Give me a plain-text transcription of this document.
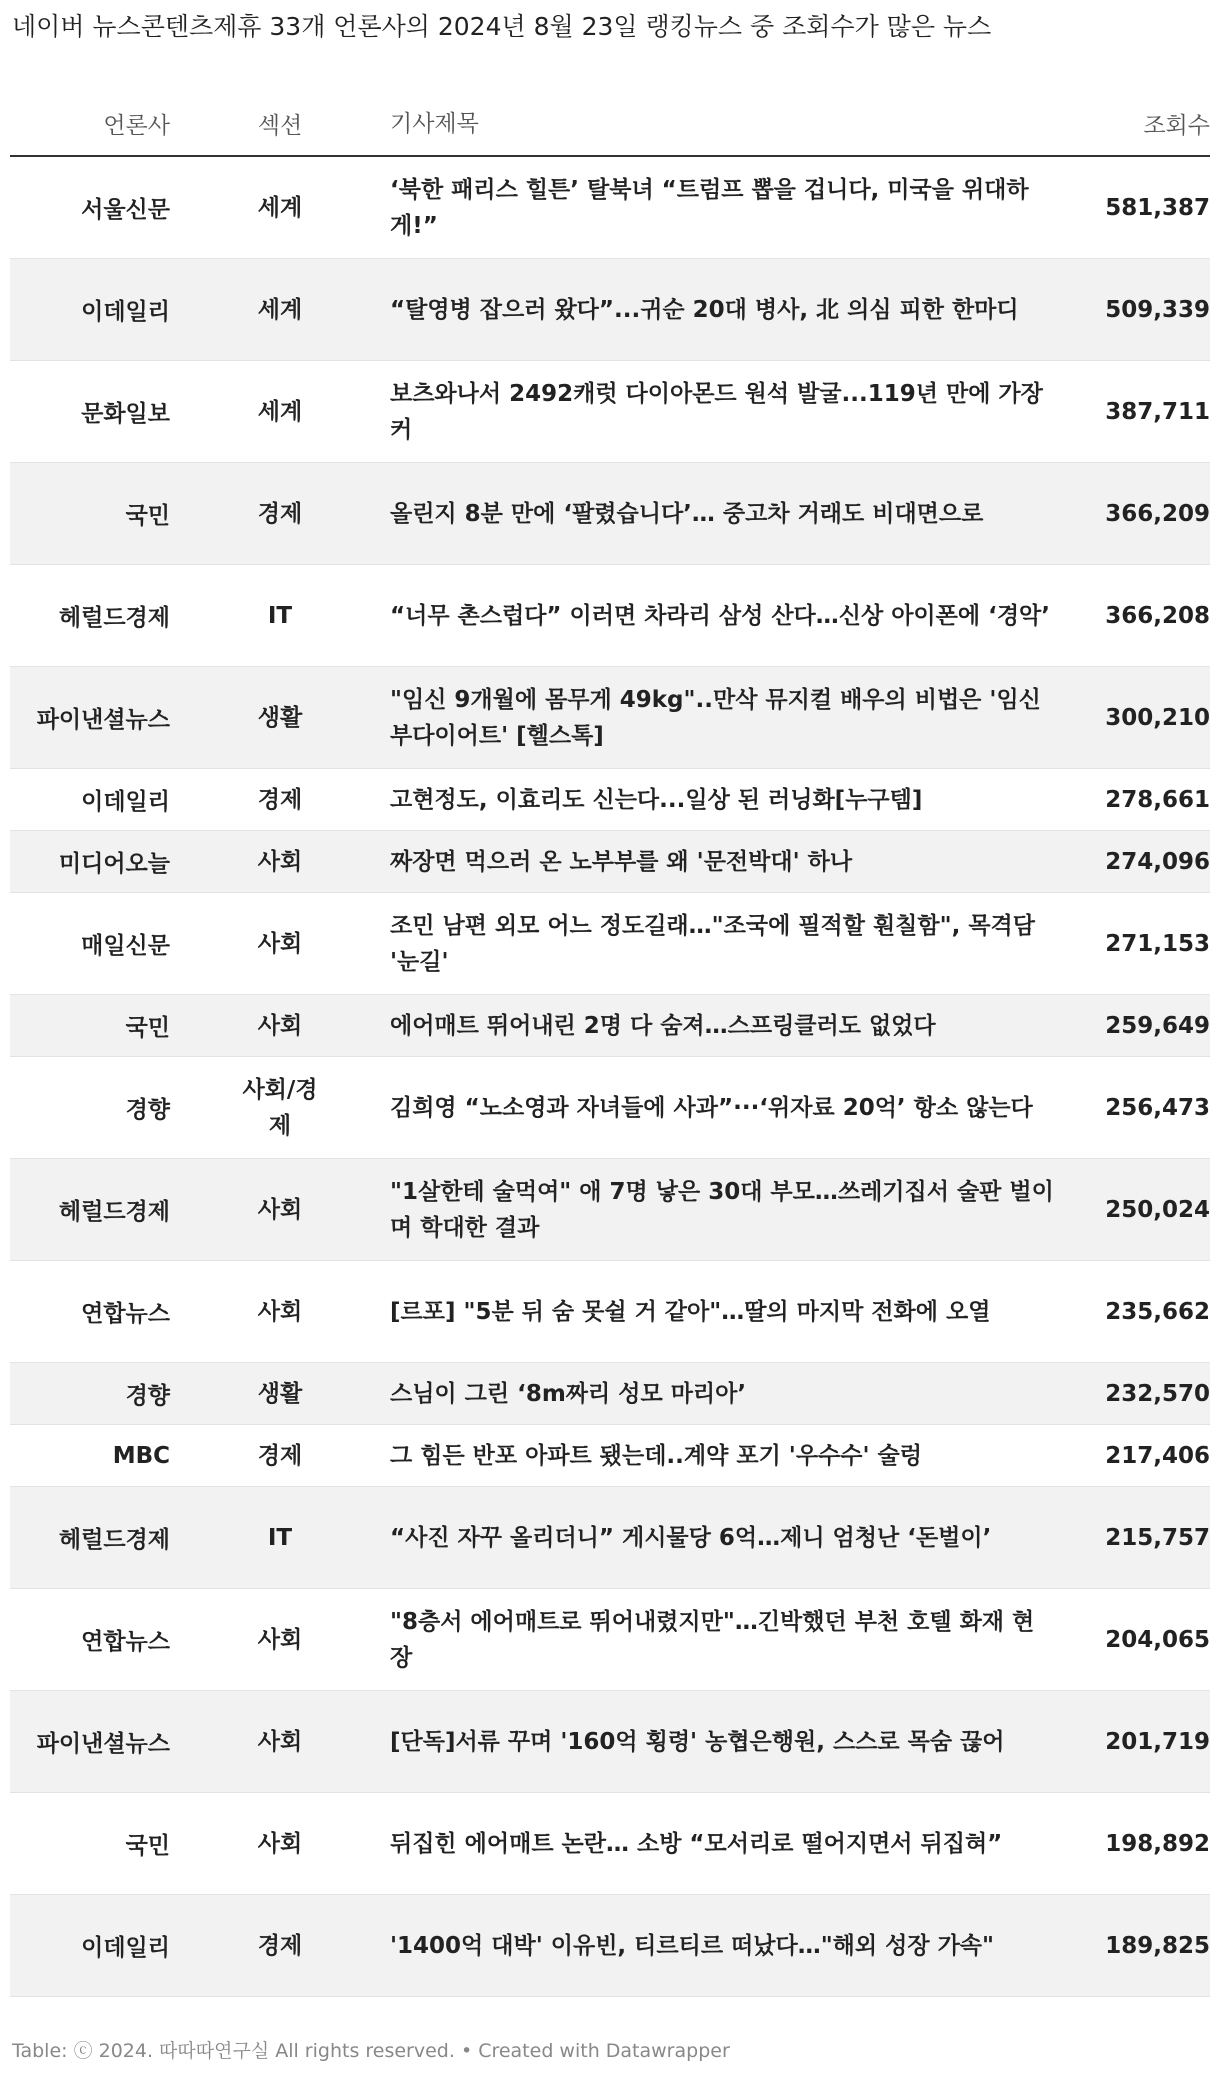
네이버 뉴스콘텐츠제휴 33개 언론사의 2024년 8월 23일 랭킹뉴스 중 조회수가 많은 뉴스
언론사	섹션	기사제목	조회수
서울신문	세계	‘북한 패리스 힐튼’ 탈북녀 “트럼프 뽑을 겁니다, 미국을 위대하게!”	581,387
이데일리	세계	“탈영병 잡으러 왔다”...귀순 20대 병사, 北 의심 피한 한마디	509,339
문화일보	세계	보츠와나서 2492캐럿 다이아몬드 원석 발굴...119년 만에 가장 커	387,711
국민	경제	올린지 8분 만에 ‘팔렸습니다’… 중고차 거래도 비대면으로	366,209
헤럴드경제	IT	“너무 촌스럽다” 이러면 차라리 삼성 산다…신상 아이폰에 ‘경악’	366,208
파이낸셜뉴스	생활	"임신 9개월에 몸무게 49kg"..만삭 뮤지컬 배우의 비법은 '임신부다이어트' [헬스톡]	300,210
이데일리	경제	고현정도, 이효리도 신는다...일상 된 러닝화[누구템]	278,661
미디어오늘	사회	짜장면 먹으러 온 노부부를 왜 '문전박대' 하나	274,096
매일신문	사회	조민 남편 외모 어느 정도길래…"조국에 필적할 훤칠함", 목격담 '눈길'	271,153
국민	사회	에어매트 뛰어내린 2명 다 숨져…스프링클러도 없었다	259,649
경향	사회/경제	김희영 “노소영과 자녀들에 사과”···‘위자료 20억’ 항소 않는다	256,473
헤럴드경제	사회	"1살한테 술먹여" 애 7명 낳은 30대 부모…쓰레기집서 술판 벌이며 학대한 결과	250,024
연합뉴스	사회	[르포] "5분 뒤 숨 못쉴 거 같아"…딸의 마지막 전화에 오열	235,662
경향	생활	스님이 그린 ‘8m짜리 성모 마리아’	232,570
MBC	경제	그 힘든 반포 아파트 됐는데..계약 포기 '우수수' 술렁	217,406
헤럴드경제	IT	“사진 자꾸 올리더니” 게시물당 6억…제니 엄청난 ‘돈벌이’	215,757
연합뉴스	사회	"8층서 에어매트로 뛰어내렸지만"…긴박했던 부천 호텔 화재 현장	204,065
파이낸셜뉴스	사회	[단독]서류 꾸며 '160억 횡령' 농협은행원, 스스로 목숨 끊어	201,719
국민	사회	뒤집힌 에어매트 논란… 소방 “모서리로 떨어지면서 뒤집혀”	198,892
이데일리	경제	'1400억 대박' 이유빈, 티르티르 떠났다…"해외 성장 가속"	189,825
Table: ⓒ 2024. 따따따연구실 All rights reserved. • Created with Datawrapper
